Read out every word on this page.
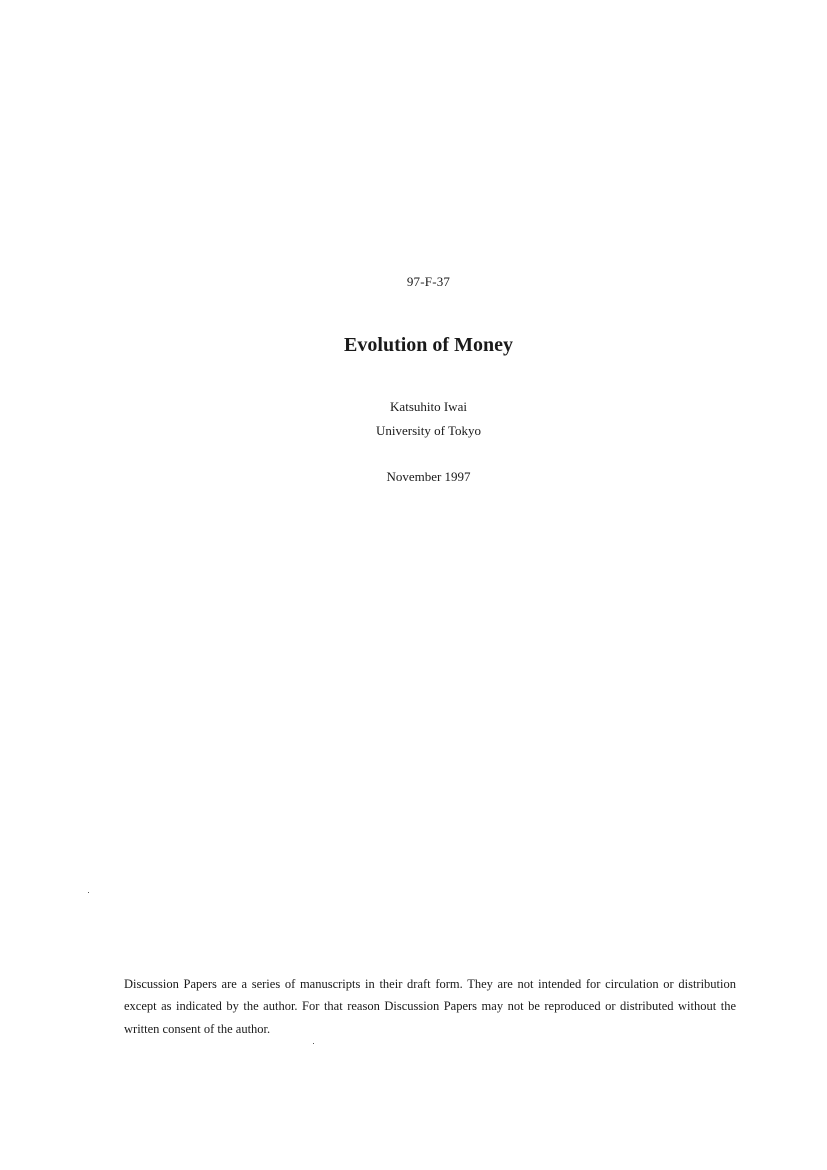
97-F-37
Evolution of Money
Katsuhito Iwai
University of Tokyo
November 1997

Discussion Papers are a series of manuscripts in their draft form. They are not intended for circulation or distribution except as indicated by the author. For that reason Discussion Papers may not be reproduced or distributed without the written consent of the author.
